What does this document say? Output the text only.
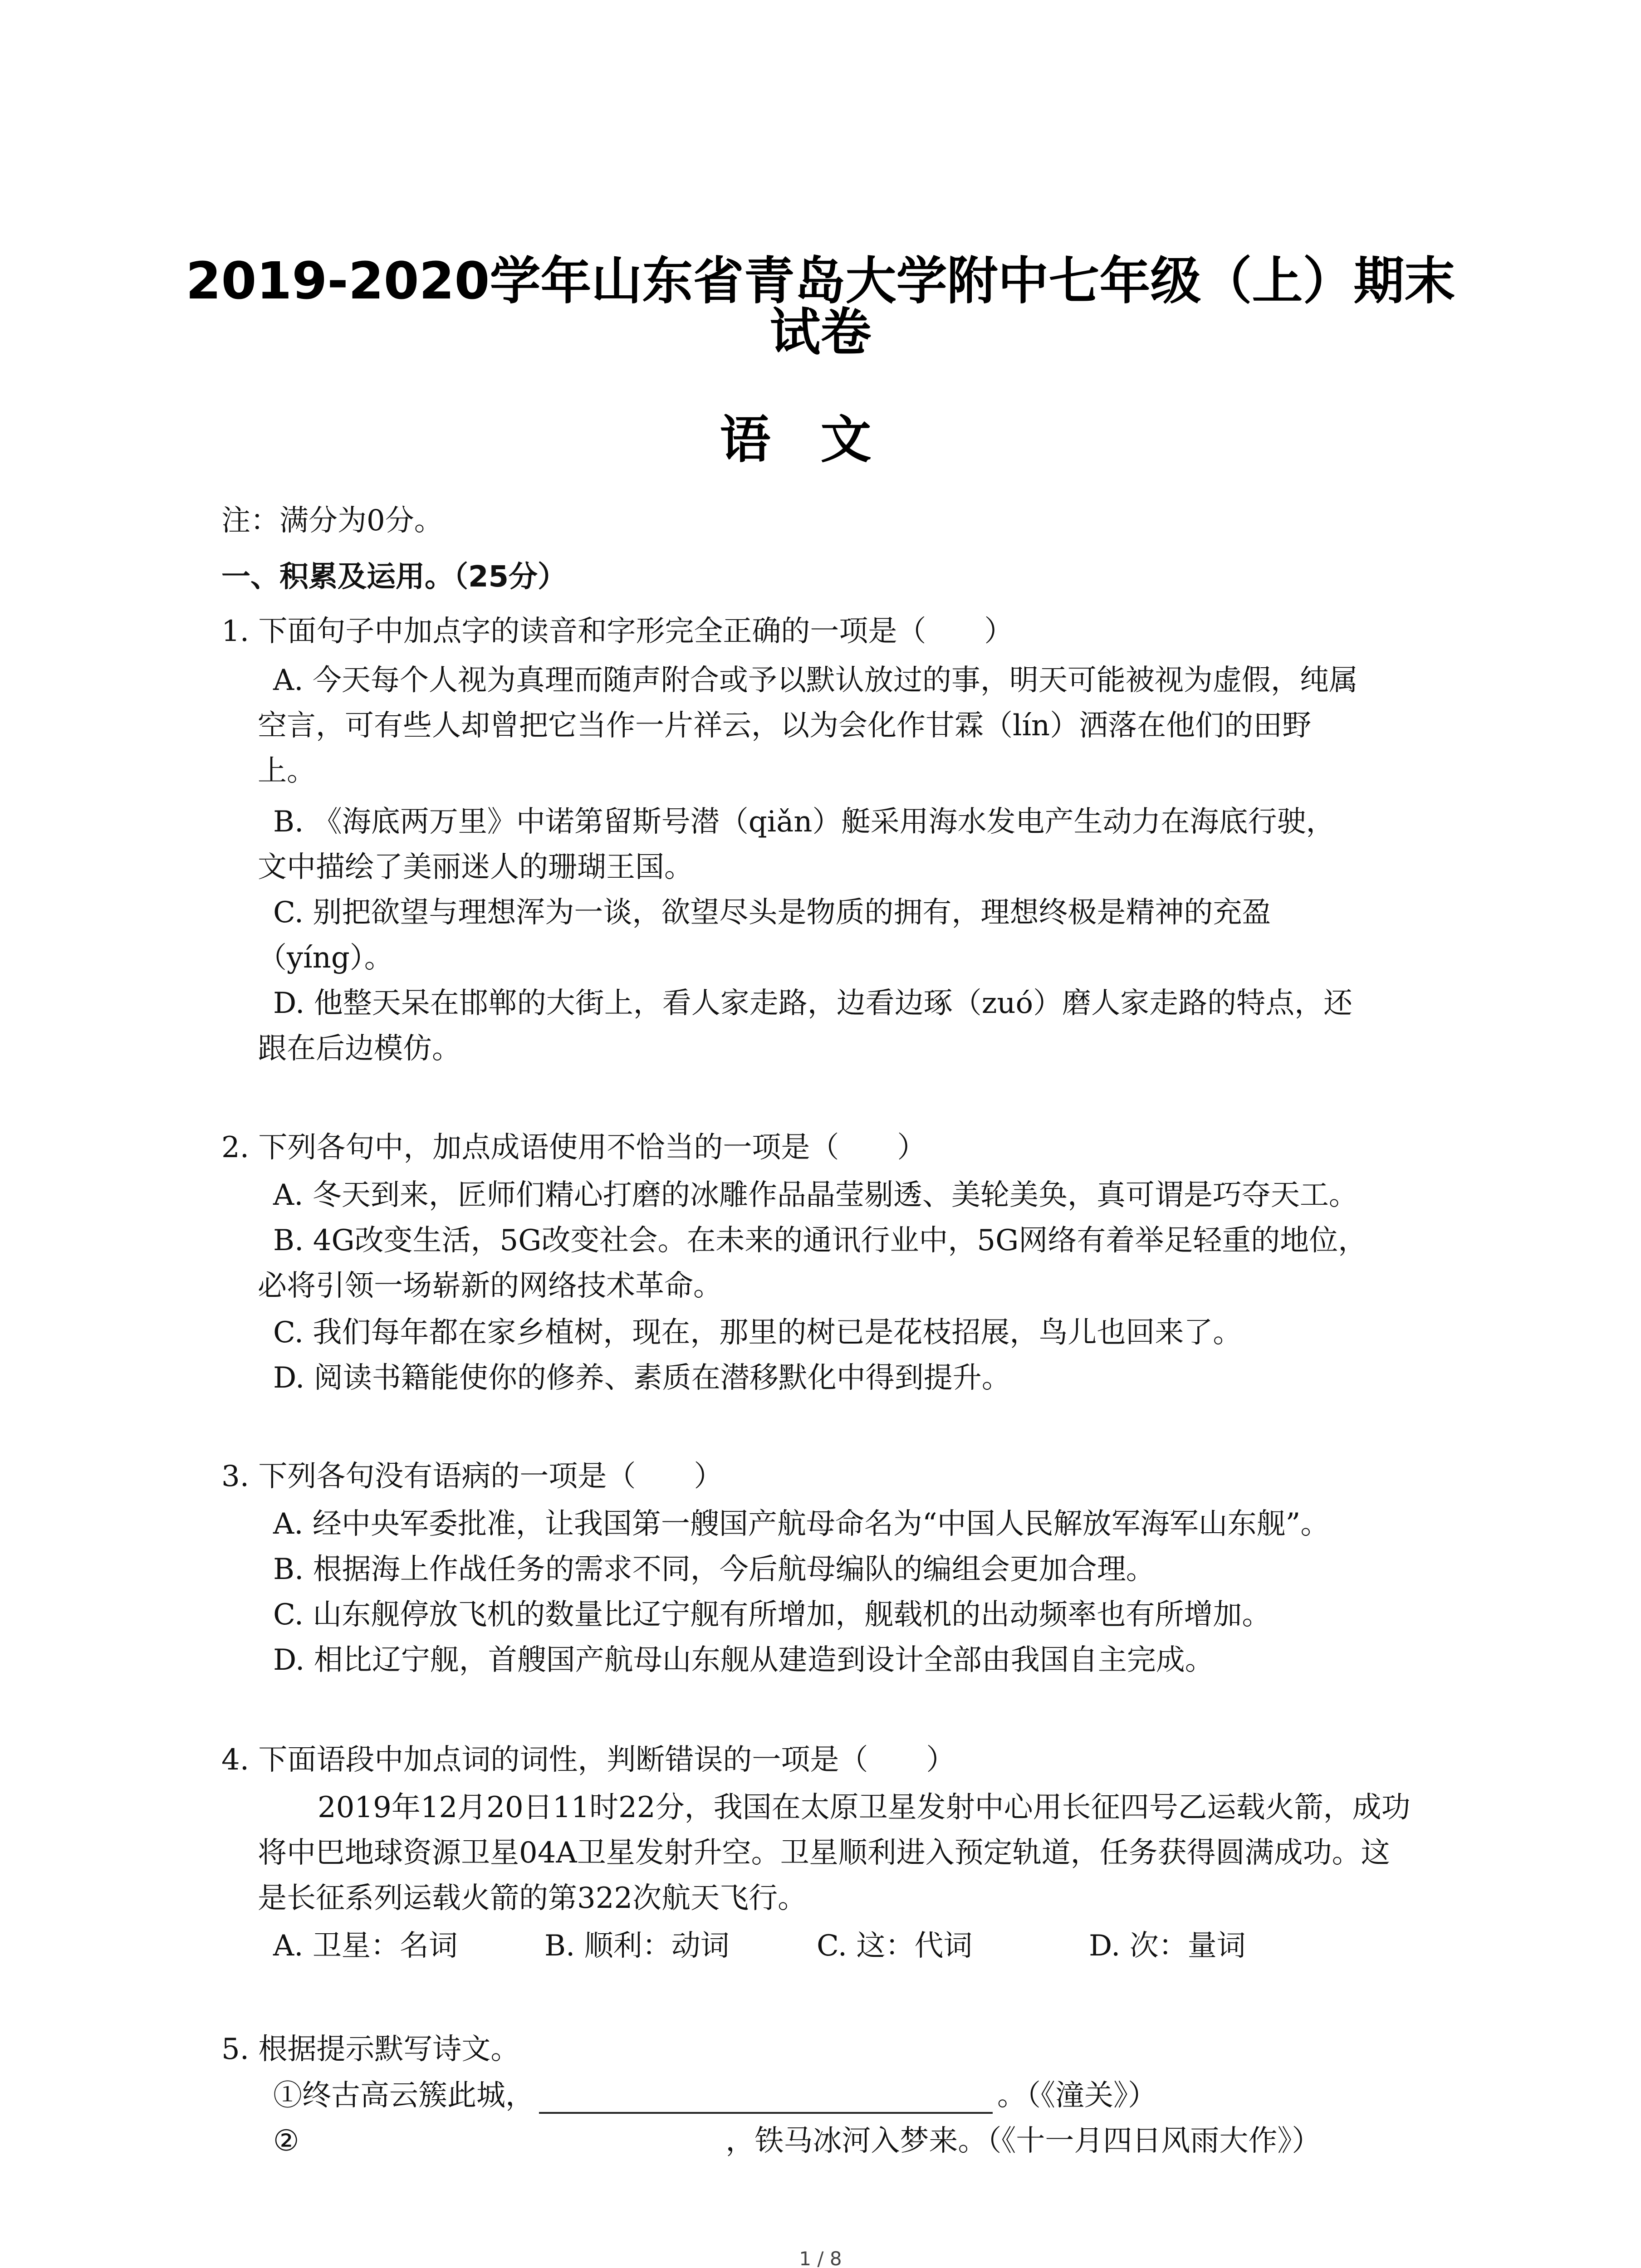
2019-2020学年山东省青岛大学附中七年级（上）期末
试卷
语文
注：满分为0分。
一、积累及运用。（25分）
1. 下面句子中加点字的读音和字形完全正确的一项是（　　）
A. 今天每个人视为真理而随声附合或予以默认放过的事，明天可能被视为虚假，纯属
空言，可有些人却曾把它当作一片祥云，以为会化作甘霖（lín）洒落在他们的田野
上。
B. 《海底两万里》中诺第留斯号潜（qiǎn）艇采用海水发电产生动力在海底行驶，
文中描绘了美丽迷人的珊瑚王国。
C. 别把欲望与理想浑为一谈，欲望尽头是物质的拥有，理想终极是精神的充盈
（yíng）。
D. 他整天呆在邯郸的大街上，看人家走路，边看边琢（zuó）磨人家走路的特点，还
跟在后边模仿。
2. 下列各句中，加点成语使用不恰当的一项是（　　）
A. 冬天到来，匠师们精心打磨的冰雕作品晶莹剔透、美轮美奂，真可谓是巧夺天工。
B. 4G改变生活，5G改变社会。在未来的通讯行业中，5G网络有着举足轻重的地位，
必将引领一场崭新的网络技术革命。
C. 我们每年都在家乡植树，现在，那里的树已是花枝招展，鸟儿也回来了。
D. 阅读书籍能使你的修养、素质在潜移默化中得到提升。
3. 下列各句没有语病的一项是（　　）
A. 经中央军委批准，让我国第一艘国产航母命名为“中国人民解放军海军山东舰”。
B. 根据海上作战任务的需求不同，今后航母编队的编组会更加合理。
C. 山东舰停放飞机的数量比辽宁舰有所增加，舰载机的出动频率也有所增加。
D. 相比辽宁舰，首艘国产航母山东舰从建造到设计全部由我国自主完成。
4. 下面语段中加点词的词性，判断错误的一项是（　　）
2019年12月20日11时22分，我国在太原卫星发射中心用长征四号乙运载火箭，成功
将中巴地球资源卫星04A卫星发射升空。卫星顺利进入预定轨道，任务获得圆满成功。这
是长征系列运载火箭的第322次航天飞行。
A. 卫星：名词	B. 顺利：动词	C. 这：代词	D. 次：量词
5. 根据提示默写诗文。
①终古高云簇此城，	。（《潼关》）
②	，铁马冰河入梦来。（《十一月四日风雨大作》）
1 / 8
